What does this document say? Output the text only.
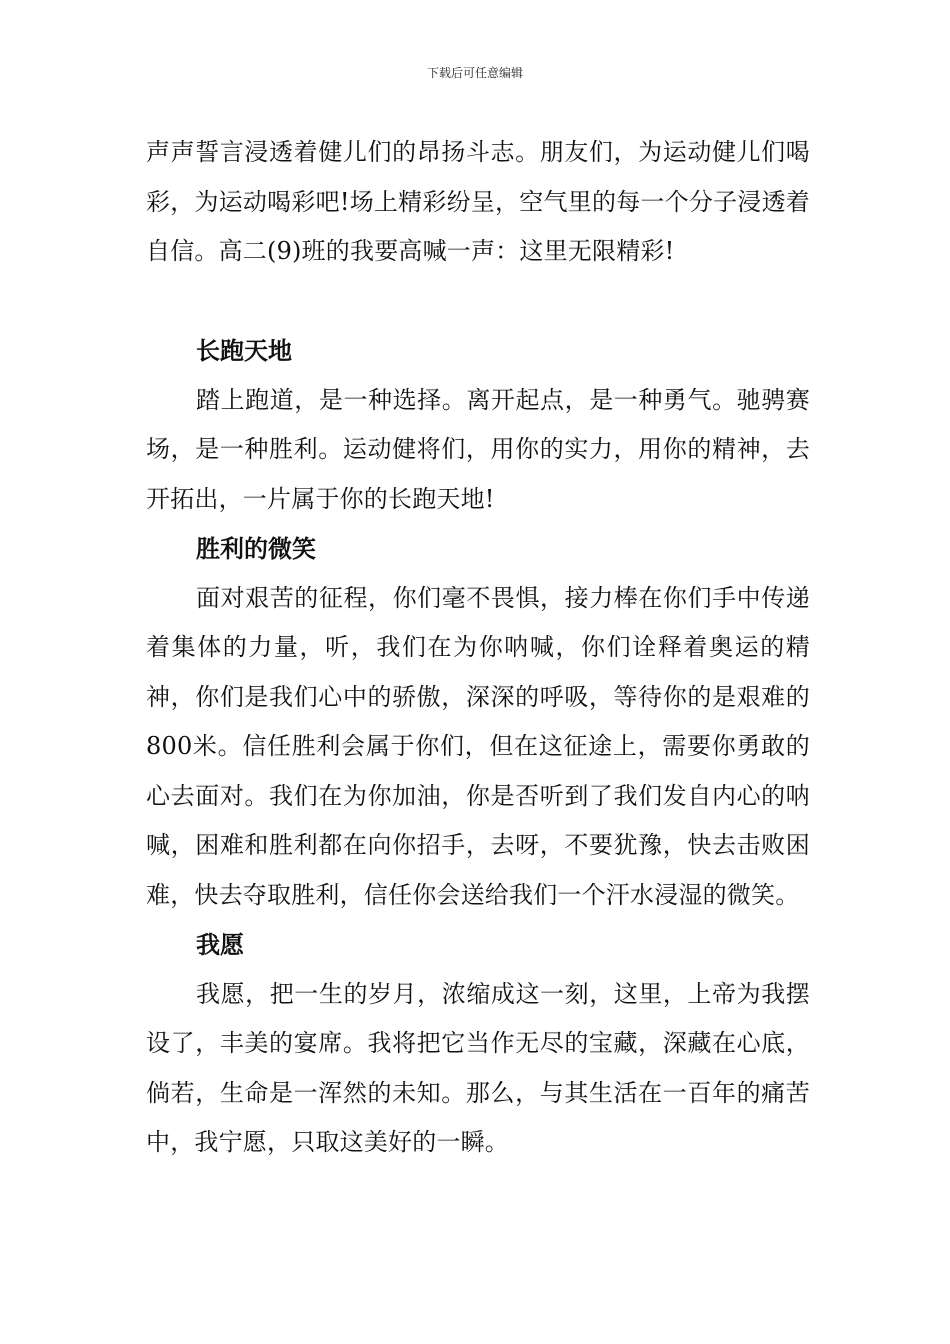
下载后可任意编辑

声声誓言浸透着健儿们的昂扬斗志。朋友们，为运动健儿们喝彩，为运动喝彩吧!场上精彩纷呈，空气里的每一个分子浸透着自信。高二(9)班的我要高喊一声：这里无限精彩!

长跑天地

踏上跑道，是一种选择。离开起点，是一种勇气。驰骋赛场，是一种胜利。运动健将们，用你的实力，用你的精神，去开拓出，一片属于你的长跑天地!

胜利的微笑

面对艰苦的征程，你们毫不畏惧，接力棒在你们手中传递着集体的力量，听，我们在为你呐喊，你们诠释着奥运的精神，你们是我们心中的骄傲，深深的呼吸，等待你的是艰难的800米。信任胜利会属于你们，但在这征途上，需要你勇敢的心去面对。我们在为你加油，你是否听到了我们发自内心的呐喊，困难和胜利都在向你招手，去呀，不要犹豫，快去击败困难，快去夺取胜利，信任你会送给我们一个汗水浸湿的微笑。

我愿

我愿，把一生的岁月，浓缩成这一刻，这里，上帝为我摆设了，丰美的宴席。我将把它当作无尽的宝藏，深藏在心底，倘若，生命是一浑然的未知。那么，与其生活在一百年的痛苦中，我宁愿，只取这美好的一瞬。
